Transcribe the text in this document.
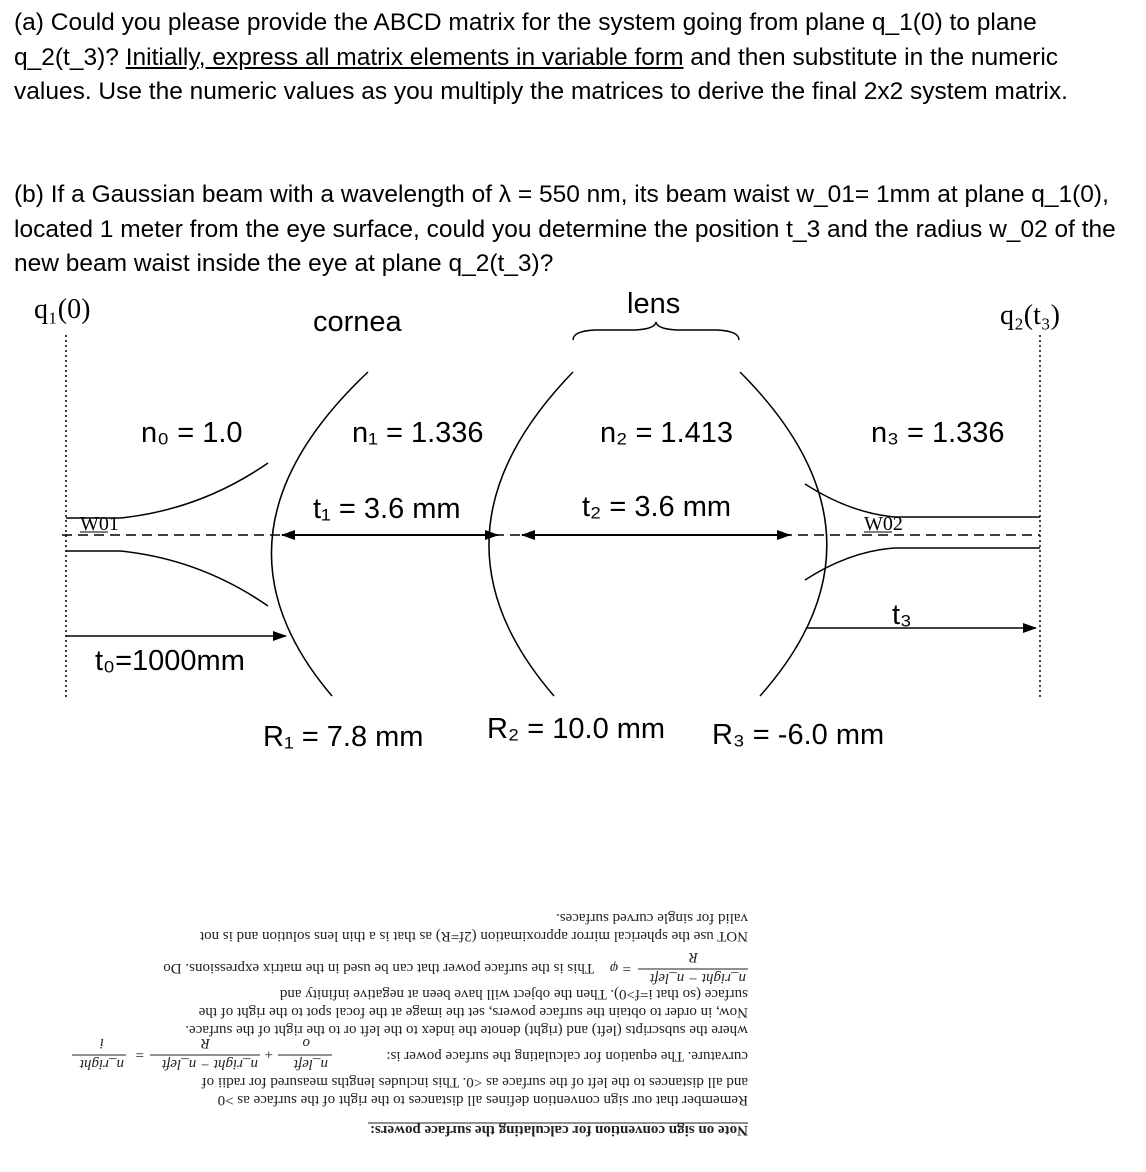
(a) Could you please provide the ABCD matrix for the system going from plane q_1(0) to plane q_2(t_3)? Initially, express all matrix elements in variable form and then substitute in the numeric values. Use the numeric values as you multiply the matrices to derive the final 2x2 system matrix.

(b) If a Gaussian beam with a wavelength of λ = 550 nm, its beam waist w_01= 1mm at plane q_1(0), located 1 meter from the eye surface, could you determine the position t_3 and the radius w_02 of the new beam waist inside the eye at plane q_2(t_3)?

q₁(0)	q₂(t₃)
cornea
lens
n₀ = 1.0	n₁ = 1.336	n₂ = 1.413	n₃ = 1.336
t₁ = 3.6 mm	t₂ = 3.6 mm
W01	W02
t₃
t₀=1000mm
R₁ = 7.8 mm R₂ = 10.0 mm R₃ = -6.0 mm
Note on sign convention for calculating the surface powers:
Remember that our sign convention defines all distances to the right of the surface as >0
and all distances to the left of the surface as <0. This includes lengths measured for radii of
curvature. The equation for calculating the surface power is:
n_left
o
+
n_right − n_left
R
=
n_right
i
where the subscripts (left) and (right) denote the index to the left or to the right of the surface.
Now, in order to obtain the surface powers, set the image at the focal spot to the right of the
surface (so that i=f>0). Then the object will have been at negative infinity and
n_right − n_left
R
= φ
This is the surface power that can be used in the matrix expressions. Do
NOT use the spherical mirror approximation (2f=R) as that is a thin lens solution and is not
valid for single curved surfaces.
